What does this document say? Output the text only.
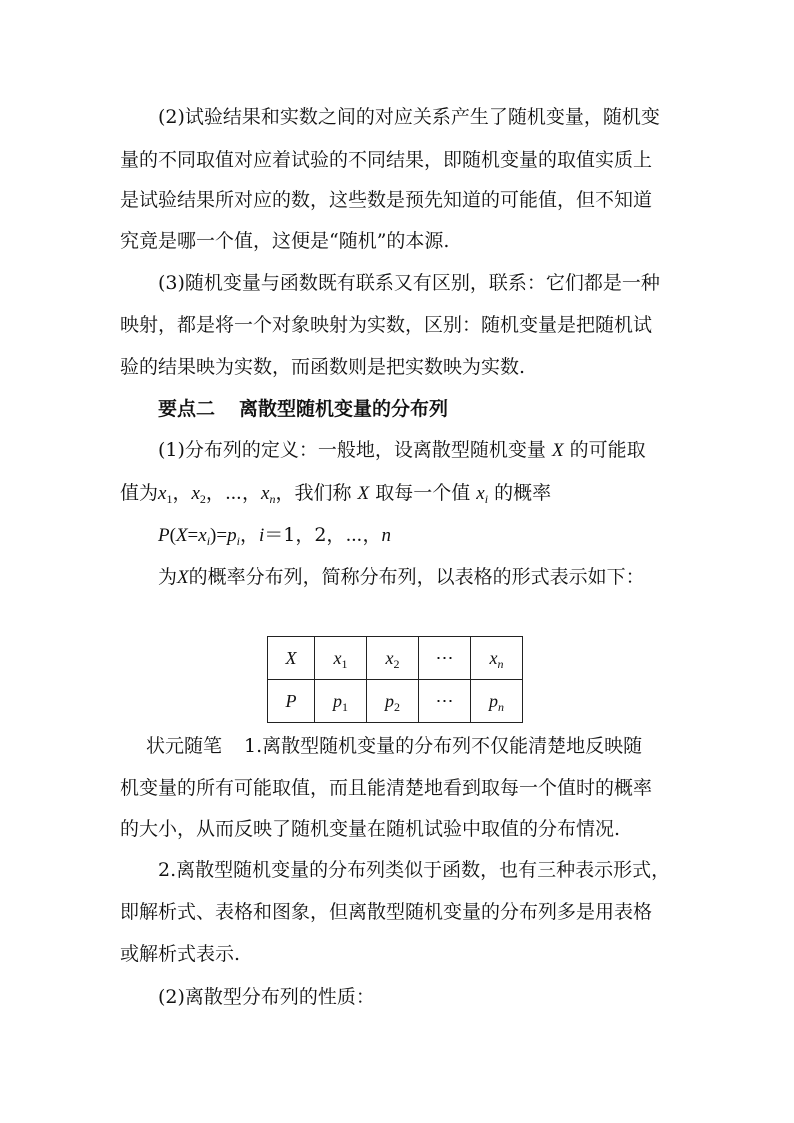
(2)试验结果和实数之间的对应关系产生了随机变量，随机变

量的不同取值对应着试验的不同结果，即随机变量的取值实质上

是试验结果所对应的数，这些数是预先知道的可能值，但不知道

究竟是哪一个值，这便是“随机”的本源.

(3)随机变量与函数既有联系又有区别，联系：它们都是一种

映射，都是将一个对象映射为实数，区别：随机变量是把随机试

验的结果映为实数，而函数则是把实数映为实数.

要点二 离散型随机变量的分布列

(1)分布列的定义：一般地，设离散型随机变量 X 的可能取

值为$x_1$，$x_2$，⋯，$x_n$，我们称 X 取每一个值 $x_i$ 的概率

$P(X=x_i)=p_i$，i＝1，2，⋯，n

为X的概率分布列，简称分布列，以表格的形式表示如下：

X	$x_1$	$x_2$	⋯	$x_n$
P	$p_1$	$p_2$	⋯	$p_n$

状元随笔 1.离散型随机变量的分布列不仅能清楚地反映随

机变量的所有可能取值，而且能清楚地看到取每一个值时的概率

的大小，从而反映了随机变量在随机试验中取值的分布情况.

2.离散型随机变量的分布列类似于函数，也有三种表示形式，

即解析式、表格和图象，但离散型随机变量的分布列多是用表格

或解析式表示.

(2)离散型分布列的性质：
